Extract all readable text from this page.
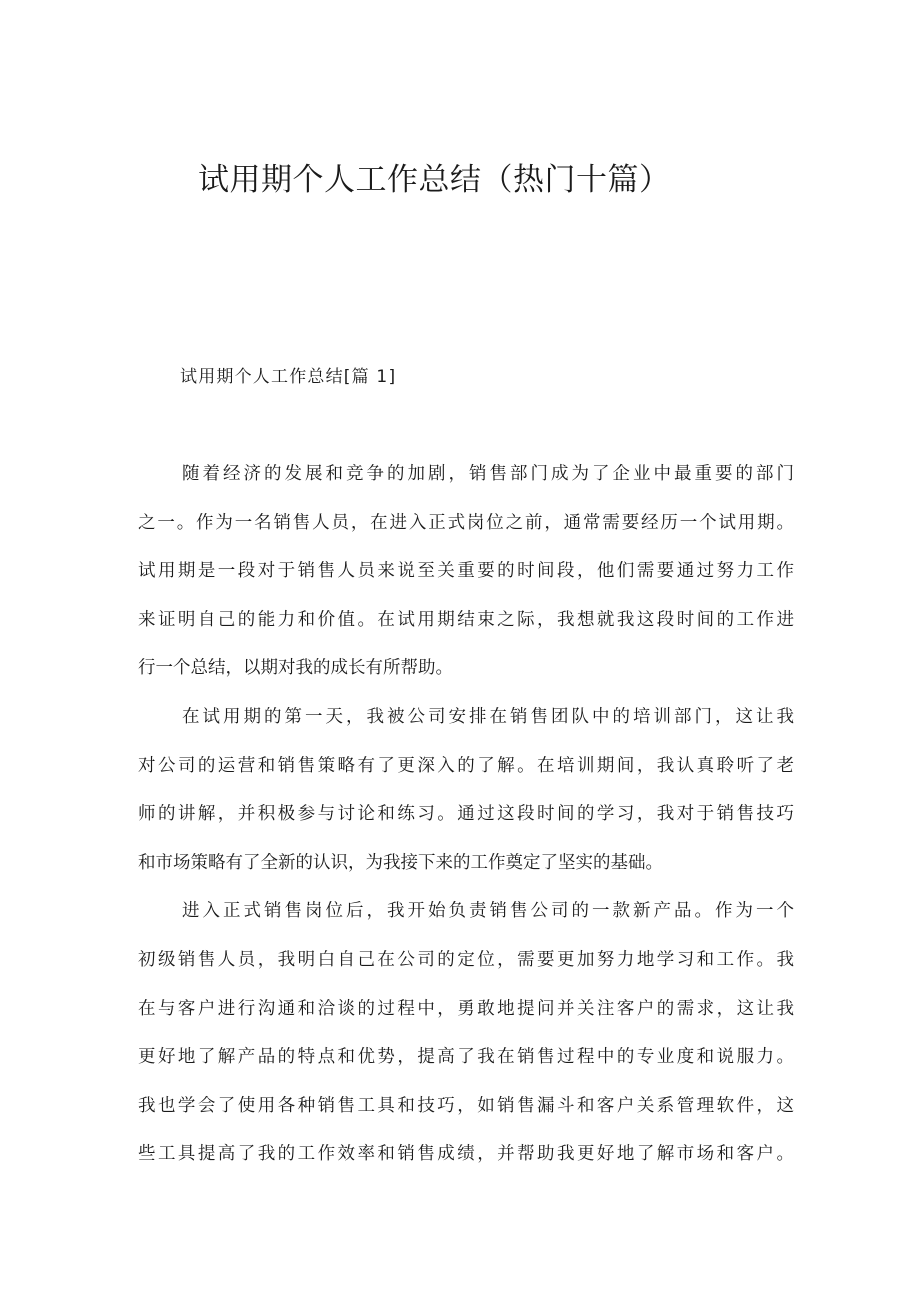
试用期个人工作总结（热门十篇）
试用期个人工作总结[篇 1]
随着经济的发展和竞争的加剧，销售部门成为了企业中最重要的部门
之一。作为一名销售人员，在进入正式岗位之前，通常需要经历一个试用期。
试用期是一段对于销售人员来说至关重要的时间段，他们需要通过努力工作
来证明自己的能力和价值。在试用期结束之际，我想就我这段时间的工作进
行一个总结，以期对我的成长有所帮助。
在试用期的第一天，我被公司安排在销售团队中的培训部门，这让我
对公司的运营和销售策略有了更深入的了解。在培训期间，我认真聆听了老
师的讲解，并积极参与讨论和练习。通过这段时间的学习，我对于销售技巧
和市场策略有了全新的认识，为我接下来的工作奠定了坚实的基础。
进入正式销售岗位后，我开始负责销售公司的一款新产品。作为一个
初级销售人员，我明白自己在公司的定位，需要更加努力地学习和工作。我
在与客户进行沟通和洽谈的过程中，勇敢地提问并关注客户的需求，这让我
更好地了解产品的特点和优势，提高了我在销售过程中的专业度和说服力。
我也学会了使用各种销售工具和技巧，如销售漏斗和客户关系管理软件，这
些工具提高了我的工作效率和销售成绩，并帮助我更好地了解市场和客户。
